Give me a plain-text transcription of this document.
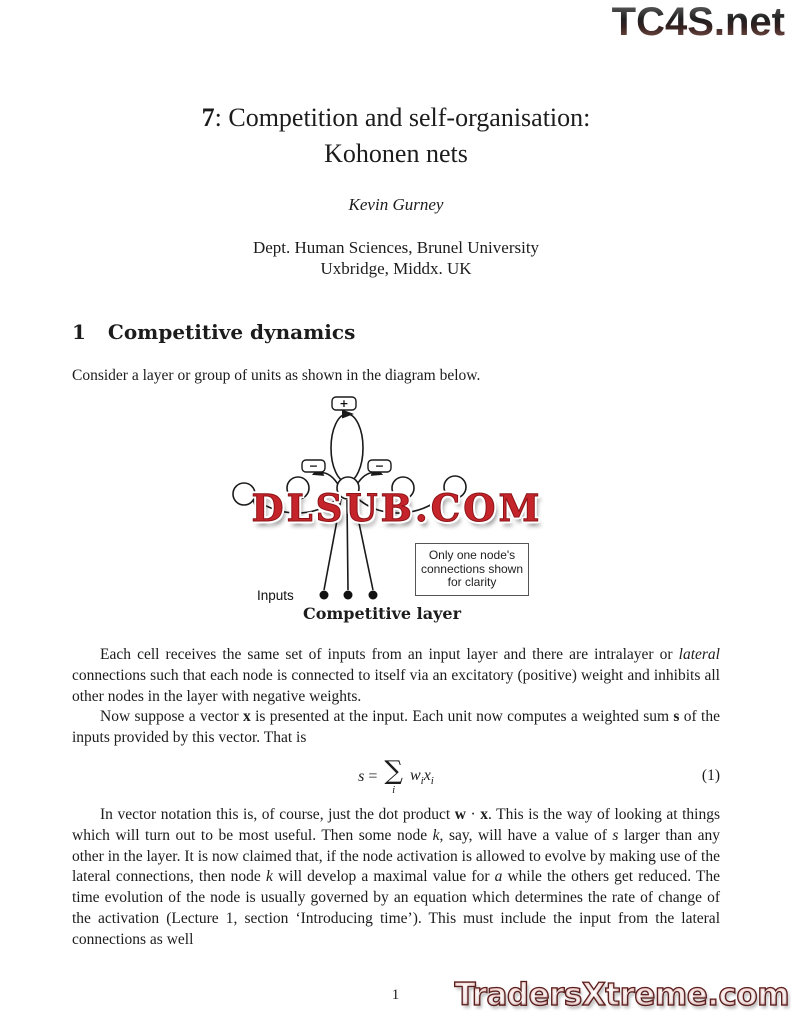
TC4S.net
7: Competition and self-organisation:
Kohonen nets
Kevin Gurney
Dept. Human Sciences, Brunel University
Uxbridge, Middx. UK
1 Competitive dynamics

Consider a layer or group of units as shown in the diagram below.

+
−	−
Only one node's
connections shown
for clarity
Inputs
Competitive layer
DLSUB.COM

Each cell receives the same set of inputs from an input layer and there are intralayer or lateral connections such that each node is connected to itself via an excitatory (positive) weight and inhibits all other nodes in the layer with negative weights.

Now suppose a vector x is presented at the input. Each unit now computes a weighted sum s of the inputs provided by this vector. That is

s = ∑
i
$w_ix_i$	(1)

In vector notation this is, of course, just the dot product w · x. This is the way of looking at things which will turn out to be most useful. Then some node k, say, will have a value of s larger than any other in the layer. It is now claimed that, if the node activation is allowed to evolve by making use of the lateral connections, then node k will develop a maximal value for a while the others get reduced. The time evolution of the node is usually governed by an equation which determines the rate of change of the activation (Lecture 1, section ‘Introducing time’). This must include the input from the lateral connections as well

1	TradersXtreme.com
